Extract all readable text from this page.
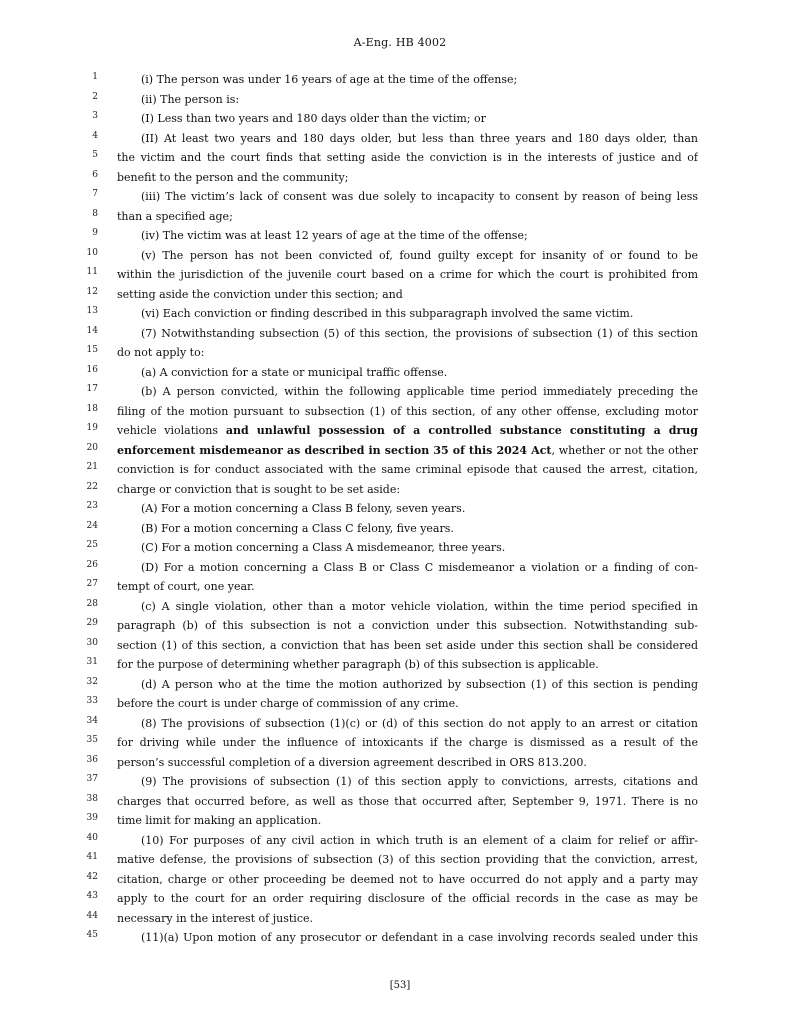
A-Eng. HB 4002
1	(i) The person was under 16 years of age at the time of the offense;
2	(ii) The person is:
3	(I) Less than two years and 180 days older than the victim; or
4	(II) At least two years and 180 days older, but less than three years and 180 days older, than
5 the victim and the court finds that setting aside the conviction is in the interests of justice and of
6 benefit to the person and the community;
7	(iii) The victim’s lack of consent was due solely to incapacity to consent by reason of being less
8 than a specified age;
9	(iv) The victim was at least 12 years of age at the time of the offense;
10	(v) The person has not been convicted of, found guilty except for insanity of or found to be
11 within the jurisdiction of the juvenile court based on a crime for which the court is prohibited from
12 setting aside the conviction under this section; and
13	(vi) Each conviction or finding described in this subparagraph involved the same victim.
14	(7) Notwithstanding subsection (5) of this section, the provisions of subsection (1) of this section
15 do not apply to:
16	(a) A conviction for a state or municipal traffic offense.
17	(b) A person convicted, within the following applicable time period immediately preceding the
18 filing of the motion pursuant to subsection (1) of this section, of any other offense, excluding motor
19 vehicle violations and unlawful possession of a controlled substance constituting a drug
20 enforcement misdemeanor as described in section 35 of this 2024 Act, whether or not the other
21 conviction is for conduct associated with the same criminal episode that caused the arrest, citation,
22 charge or conviction that is sought to be set aside:
23	(A) For a motion concerning a Class B felony, seven years.
24	(B) For a motion concerning a Class C felony, five years.
25	(C) For a motion concerning a Class A misdemeanor, three years.
26	(D) For a motion concerning a Class B or Class C misdemeanor a violation or a finding of con-
27 tempt of court, one year.
28	(c) A single violation, other than a motor vehicle violation, within the time period specified in
29 paragraph (b) of this subsection is not a conviction under this subsection. Notwithstanding sub-
30 section (1) of this section, a conviction that has been set aside under this section shall be considered
31 for the purpose of determining whether paragraph (b) of this subsection is applicable.
32	(d) A person who at the time the motion authorized by subsection (1) of this section is pending
33 before the court is under charge of commission of any crime.
34	(8) The provisions of subsection (1)(c) or (d) of this section do not apply to an arrest or citation
35 for driving while under the influence of intoxicants if the charge is dismissed as a result of the
36 person’s successful completion of a diversion agreement described in ORS 813.200.
37	(9) The provisions of subsection (1) of this section apply to convictions, arrests, citations and
38 charges that occurred before, as well as those that occurred after, September 9, 1971. There is no
39 time limit for making an application.
40	(10) For purposes of any civil action in which truth is an element of a claim for relief or affir-
41 mative defense, the provisions of subsection (3) of this section providing that the conviction, arrest,
42 citation, charge or other proceeding be deemed not to have occurred do not apply and a party may
43 apply to the court for an order requiring disclosure of the official records in the case as may be
44 necessary in the interest of justice.
45	(11)(a) Upon motion of any prosecutor or defendant in a case involving records sealed under this
[53]
